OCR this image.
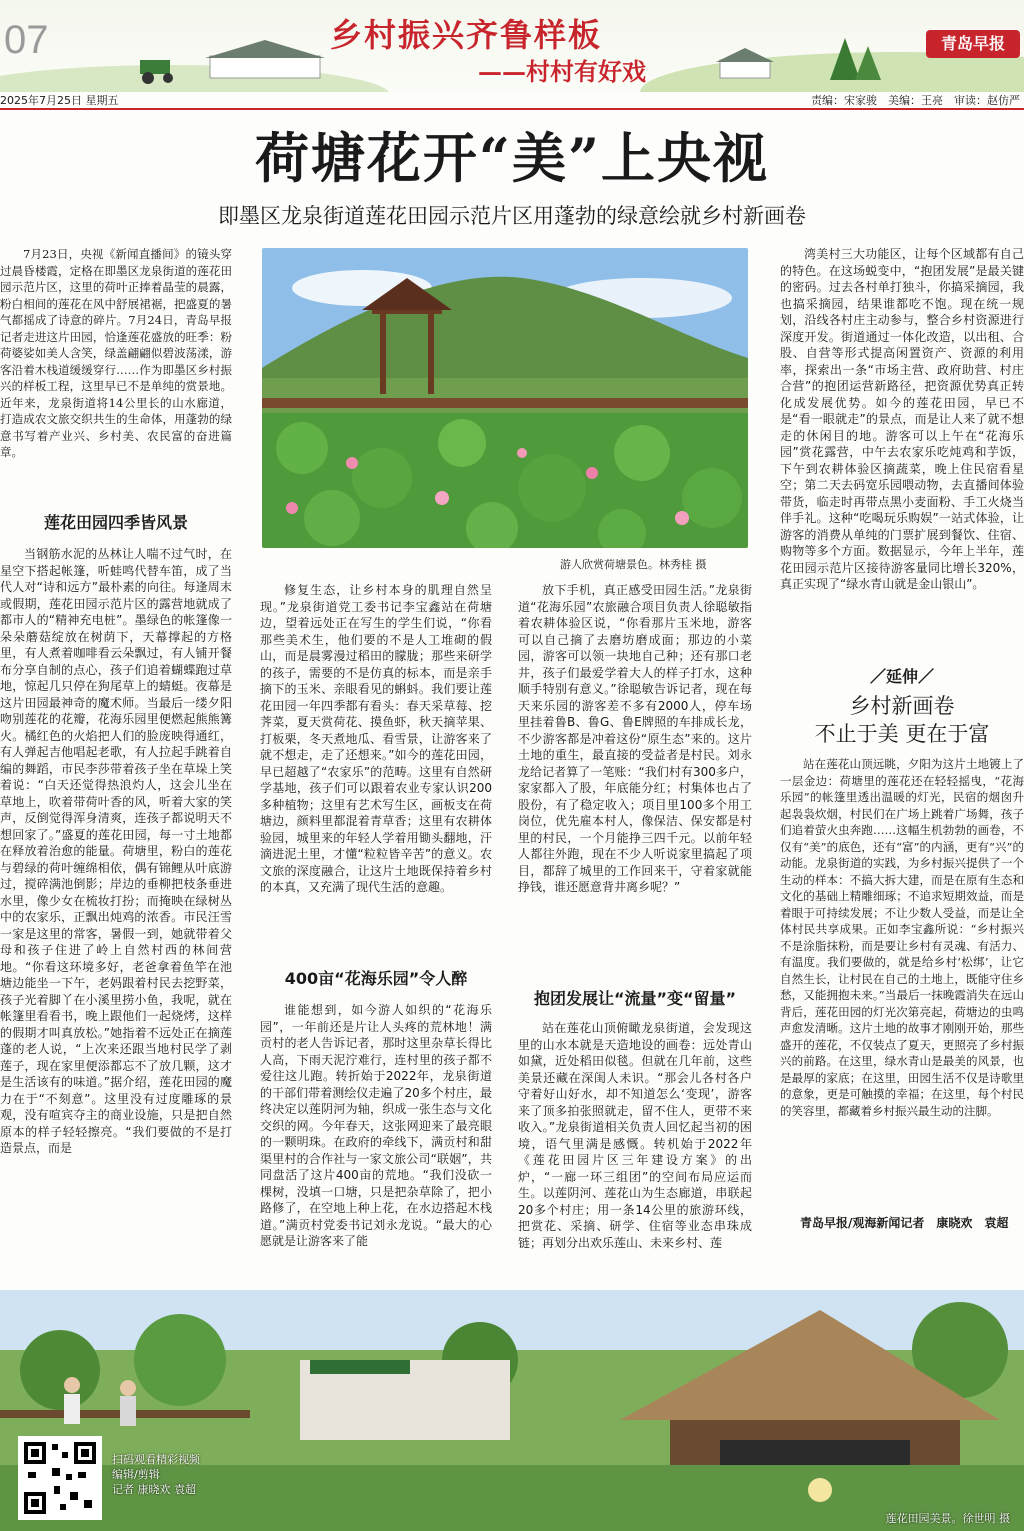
07	乡村振兴齐鲁样板
——村村有好戏
青岛早报
2025年7月25日 星期五	责编：宋家骏　美编：王亮　审读：赵仿严
荷塘花开“美”上央视
即墨区龙泉街道莲花田园示范片区用蓬勃的绿意绘就乡村新画卷

7月23日，央视《新闻直播间》的镜头穿过晨昏楼霞，定格在即墨区龙泉街道的莲花田园示范片区，这里的荷叶正捧着晶莹的晨露，粉白相间的莲花在风中舒展裙裾，把盛夏的暑气都摇成了诗意的碎片。7月24日，青岛早报记者走进这片田园，恰逢莲花盛放的旺季：粉荷婆娑如美人含笑，绿盖翩翩似碧波荡漾，游客沿着木栈道缓缓穿行……作为即墨区乡村振兴的样板工程，这里早已不是单纯的赏景地。近年来，龙泉街道将14公里长的山水廊道，打造成农文旅交织共生的生命体，用蓬勃的绿意书写着产业兴、乡村美、农民富的奋进篇章。

莲花田园四季皆风景

当钢筋水泥的丛林让人喘不过气时，在星空下搭起帐篷，听蛙鸣代替车笛，成了当代人对“诗和远方”最朴素的向往。每逢周末或假期，莲花田园示范片区的露营地就成了都市人的“精神充电桩”。墨绿色的帐篷像一朵朵蘑菇绽放在树荫下，天幕撑起的方格里，有人煮着咖啡看云朵飘过，有人铺开餐布分享自制的点心，孩子们追着蝴蝶跑过草地，惊起几只停在狗尾草上的蜻蜓。夜幕是这片田园最神奇的魔术师。当最后一缕夕阳吻别莲花的花瓣，花海乐园里便燃起熊熊篝火。橘红色的火焰把人们的脸庞映得通红，有人弹起吉他唱起老歌，有人拉起手跳着自编的舞蹈，市民李莎带着孩子坐在草垛上笑着说：“白天还觉得热浪灼人，这会儿坐在草地上，吹着带荷叶香的风，听着大家的笑声，反倒觉得浑身清爽，连孩子都说明天不想回家了。”盛夏的莲花田园，每一寸土地都在释放着治愈的能量。荷塘里，粉白的莲花与碧绿的荷叶缠绵相依，偶有锦鲤从叶底游过，搅碎满池倒影；岸边的垂柳把枝条垂进水里，像少女在梳妆打扮；而掩映在绿树丛中的农家乐，正飘出炖鸡的浓香。市民汪雪一家是这里的常客，暑假一到，她就带着父母和孩子住进了岭上自然村西的林间营地。“你看这环境多好，老爸拿着鱼竿在池塘边能坐一下午，老妈跟着村民去挖野菜，孩子光着脚丫在小溪里捞小鱼，我呢，就在帐篷里看看书，晚上跟他们一起烧烤，这样的假期才叫真放松。”她指着不远处正在摘莲蓬的老人说，“上次来还跟当地村民学了剥莲子，现在家里便添都忘不了放几颗，这才是生活该有的味道。”据介绍，莲花田园的魔力在于“不刻意”。这里没有过度雕琢的景观，没有喧宾夺主的商业设施，只是把自然原本的样子轻轻擦亮。“我们要做的不是打造景点，而是

游人欣赏荷塘景色。林秀桂 摄

修复生态，让乡村本身的肌理自然呈现。”龙泉街道党工委书记李宝鑫站在荷塘边，望着远处正在写生的学生们说，“你看那些美术生，他们要的不是人工堆砌的假山，而是晨雾漫过稻田的朦胧；那些来研学的孩子，需要的不是仿真的标本，而是亲手摘下的玉米、亲眼看见的蝌蚪。我们要让莲花田园一年四季都有看头：春天采草莓、挖荠菜，夏天赏荷花、摸鱼虾，秋天摘苹果、打板栗，冬天煮地瓜、看雪景，让游客来了就不想走，走了还想来。”如今的莲花田园，早已超越了“农家乐”的范畴。这里有自然研学基地，孩子们可以跟着农业专家认识200多种植物；这里有艺术写生区，画板支在荷塘边，颜料里都混着青草香；这里有农耕体验园，城里来的年轻人学着用锄头翻地，汗滴进泥土里，才懂“粒粒皆辛苦”的意义。农文旅的深度融合，让这片土地既保持着乡村的本真，又充满了现代生活的意趣。

400亩“花海乐园”令人醉

谁能想到，如今游人如织的“花海乐园”，一年前还是片让人头疼的荒林地！满贡村的老人告诉记者，那时这里杂草长得比人高，下雨天泥泞难行，连村里的孩子都不爱往这儿跑。转折始于2022年，龙泉街道的干部们带着测绘仪走遍了20多个村庄，最终决定以莲阴河为轴，织成一张生态与文化交织的网。今年春天，这张网迎来了最亮眼的一颗明珠。在政府的牵线下，满贡村和甜渠里村的合作社与一家文旅公司“联姻”，共同盘活了这片400亩的荒地。“我们没砍一棵树，没填一口塘，只是把杂草除了，把小路修了，在空地上种上花，在水边搭起木栈道。”满贡村党委书记刘永龙说。“最大的心愿就是让游客来了能

放下手机，真正感受田园生活。”龙泉街道“花海乐园”农旅融合项目负责人徐聪敏指着农耕体验区说，“你看那片玉米地，游客可以自己摘了去磨坊磨成面；那边的小菜园，游客可以领一块地自己种；还有那口老井，孩子们最爱学着大人的样子打水，这种顺手特别有意义。”徐聪敏告诉记者，现在每天来乐园的游客差不多有2000人，停车场里挂着鲁B、鲁G、鲁E牌照的车排成长龙，不少游客都是冲着这份“原生态”来的。这片土地的重生，最直接的受益者是村民。刘永龙给记者算了一笔账：“我们村有300多户，家家都入了股，年底能分红；村集体也占了股份，有了稳定收入；项目里100多个用工岗位，优先雇本村人，像保洁、保安都是村里的村民，一个月能挣三四千元。以前年轻人都往外跑，现在不少人听说家里搞起了项目，都辞了城里的工作回来干，守着家就能挣钱，谁还愿意背井离乡呢？”

抱团发展让“流量”变“留量”

站在莲花山顶俯瞰龙泉街道，会发现这里的山水本就是天造地设的画卷：远处青山如黛，近处稻田似毯。但就在几年前，这些美景还藏在深闺人未识。“那会儿各村各户守着好山好水，却不知道怎么‘变现’，游客来了顶多拍张照就走，留不住人，更带不来收入。”龙泉街道相关负责人回忆起当初的困境，语气里满是感慨。转机始于2022年《莲花田园片区三年建设方案》的出炉，“一廊一环三组团”的空间布局应运而生。以莲阴河、莲花山为生态廊道，串联起20多个村庄；用一条14公里的旅游环线，把赏花、采摘、研学、住宿等业态串珠成链；再划分出欢乐莲山、未来乡村、莲

湾美村三大功能区，让每个区域都有自己的特色。在这场蜕变中，“抱团发展”是最关键的密码。过去各村单打独斗，你搞采摘园，我也搞采摘园，结果谁都吃不饱。现在统一规划，沿线各村庄主动参与，整合乡村资源进行深度开发。街道通过一体化改造，以出租、合股、自营等形式提高闲置资产、资源的利用率，探索出一条“市场主营、政府助营、村庄合营”的抱团运营新路径，把资源优势真正转化成发展优势。如今的莲花田园，早已不是“看一眼就走”的景点，而是让人来了就不想走的休闲目的地。游客可以上午在“花海乐园”赏花露营，中午去农家乐吃炖鸡和芋饭，下午到农耕体验区摘蔬菜，晚上住民宿看星空；第二天去码宽乐园喂动物，去直播间体验带货，临走时再带点黑小麦面粉、手工火烧当伴手礼。这种“吃喝玩乐购娱”一站式体验，让游客的消费从单纯的门票扩展到餐饮、住宿、购物等多个方面。数据显示，今年上半年，莲花田园示范片区接待游客量同比增长320%，真正实现了“绿水青山就是金山银山”。

／延伸／
乡村新画卷
不止于美 更在于富

站在莲花山顶远眺，夕阳为这片土地镀上了一层金边：荷塘里的莲花还在轻轻摇曳，“花海乐园”的帐篷里透出温暖的灯光，民宿的烟囱升起袅袅炊烟，村民们在广场上跳着广场舞，孩子们追着萤火虫奔跑……这幅生机勃勃的画卷，不仅有“美”的底色，还有“富”的内涵，更有“兴”的动能。龙泉街道的实践，为乡村振兴提供了一个生动的样本：不搞大拆大建，而是在原有生态和文化的基础上精雕细琢；不追求短期效益，而是着眼于可持续发展；不让少数人受益，而是让全体村民共享成果。正如李宝鑫所说：“乡村振兴不是涂脂抹粉，而是要让乡村有灵魂、有活力、有温度。我们要做的，就是给乡村‘松绑’，让它自然生长，让村民在自己的土地上，既能守住乡愁，又能拥抱未来。”当最后一抹晚霞消失在远山背后，莲花田园的灯光次第亮起，荷塘边的虫鸣声愈发清晰。这片土地的故事才刚刚开始，那些盛开的莲花，不仅装点了夏天，更照亮了乡村振兴的前路。在这里，绿水青山是最美的风景，也是最厚的家底；在这里，田园生活不仅是诗歌里的意象，更是可触摸的幸福；在这里，每个村民的笑容里，都藏着乡村振兴最生动的注脚。

青岛早报/观海新闻记者　康晓欢　袁超
扫码观看精彩视频
编辑/剪辑
记者 康晓欢 袁超
莲花田园美景。徐世明 摄
